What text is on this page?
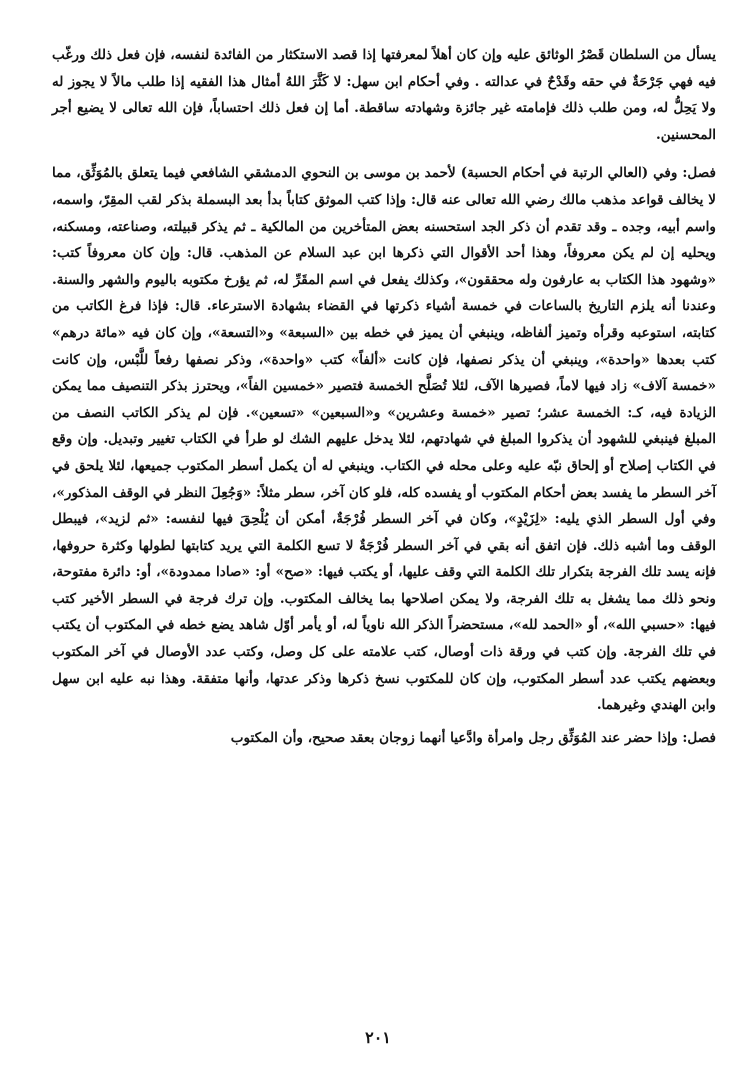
يسأل من السلطان قَصْرُ الوثائق عليه وإن كان أهلاً لمعرفتها إذا قصد الاستكثار من الفائدة لنفسه، فإن فعل ذلك ورغّب فيه فهي جَرْحَةٌ في حقه وقَدْحٌ في عدالته . وفي أحكام ابن سهل: لا كَثَّرَ اللهُ أمثال هذا الفقيه إذا طلب مالاً لا يجوز له ولا يَحِلُّ له، ومن طلب ذلك فإمامته غير جائزة وشهادته ساقطة. أما إن فعل ذلك احتساباً، فإن الله تعالى لا يضيع أجر المحسنين.

فصل: وفي (العالي الرتبة في أحكام الحسبة) لأحمد بن موسى بن النحوي الدمشقي الشافعي فيما يتعلق بالمُوَثِّق، مما لا يخالف قواعد مذهب مالك رضي الله تعالى عنه قال: وإذا كتب الموثق كتاباً بدأ بعد البسملة بذكر لقب المقِرّ، واسمه، واسم أبيه، وجده ـ وقد تقدم أن ذكر الجد استحسنه بعض المتأخرين من المالكية ـ ثم يذكر قبيلته، وصناعته، ومسكنه، ويحليه إن لم يكن معروفاً، وهذا أحد الأقوال التي ذكرها ابن عبد السلام عن المذهب. قال: وإن كان معروفاً كتب: «وشهود هذا الكتاب به عارفون وله محققون»، وكذلك يفعل في اسم المقَرِّ له، ثم يؤرخ مكتوبه باليوم والشهر والسنة. وعندنا أنه يلزم التاريخ بالساعات في خمسة أشياء ذكرتها في القضاء بشهادة الاسترعاء. قال: فإذا فرغ الكاتب من كتابته، استوعبه وقرأه وتميز ألفاظه، وينبغي أن يميز في خطه بين «السبعة» و«التسعة»، وإن كان فيه «مائة درهم» كتب بعدها «واحدة»، وينبغي أن يذكر نصفها، فإن كانت «ألفاً» كتب «واحدة»، وذكر نصفها رفعاً للَّبْس، وإن كانت «خمسة آلاف» زاد فيها لاماً، فصيرها الآف، لئلا تُصَلَّح الخمسة فتصير «خمسين الفاً»، ويحترز بذكر التنصيف مما يمكن الزيادة فيه، كـ: الخمسة عشر؛ تصير «خمسة وعشرين» و«السبعين» «تسعين». فإن لم يذكر الكاتب النصف من المبلغ فينبغي للشهود أن يذكروا المبلغ في شهادتهم، لئلا يدخل عليهم الشك لو طرأ في الكتاب تغيير وتبديل. وإن وقع في الكتاب إصلاح أو إلحاق نبّه عليه وعلى محله في الكتاب. وينبغي له أن يكمل أسطر المكتوب جميعها، لئلا يلحق في آخر السطر ما يفسد بعض أحكام المكتوب أو يفسده كله، فلو كان آخر، سطر مثلاً: «وَجُعِلَ النظر في الوقف المذكور»، وفي أول السطر الذي يليه: «لِزَيْدٍ»، وكان في آخر السطر فُرْجَةٌ، أمكن أن يُلْحِقَ فيها لنفسه: «ثم لزيد»، فيبطل الوقف وما أشبه ذلك. فإن اتفق أنه بقي في آخر السطر فُرْجَةٌ لا تسع الكلمة التي يريد كتابتها لطولها وكثرة حروفها، فإنه يسد تلك الفرجة بتكرار تلك الكلمة التي وقف عليها، أو يكتب فيها: «صح» أو: «صادا ممدودة»، أو: دائرة مفتوحة، ونحو ذلك مما يشغل به تلك الفرجة، ولا يمكن اصلاحها بما يخالف المكتوب. وإن ترك فرجة في السطر الأخير كتب فيها: «حسبي الله»، أو «الحمد لله»، مستحضراً الذكر الله ناوياً له، أو يأمر أوّل شاهد يضع خطه في المكتوب أن يكتب في تلك الفرجة. وإن كتب في ورقة ذات أوصال، كتب علامته على كل وصل، وكتب عدد الأوصال في آخر المكتوب وبعضهم يكتب عدد أسطر المكتوب، وإن كان للمكتوب نسخ ذكرها وذكر عدتها، وأنها متفقة. وهذا نبه عليه ابن سهل وابن الهندي وغيرهما.

فصل: وإذا حضر عند المُوَثِّق رجل وامرأة وادَّعيا أنهما زوجان بعقد صحيح، وأن المكتوب

٢٠١
